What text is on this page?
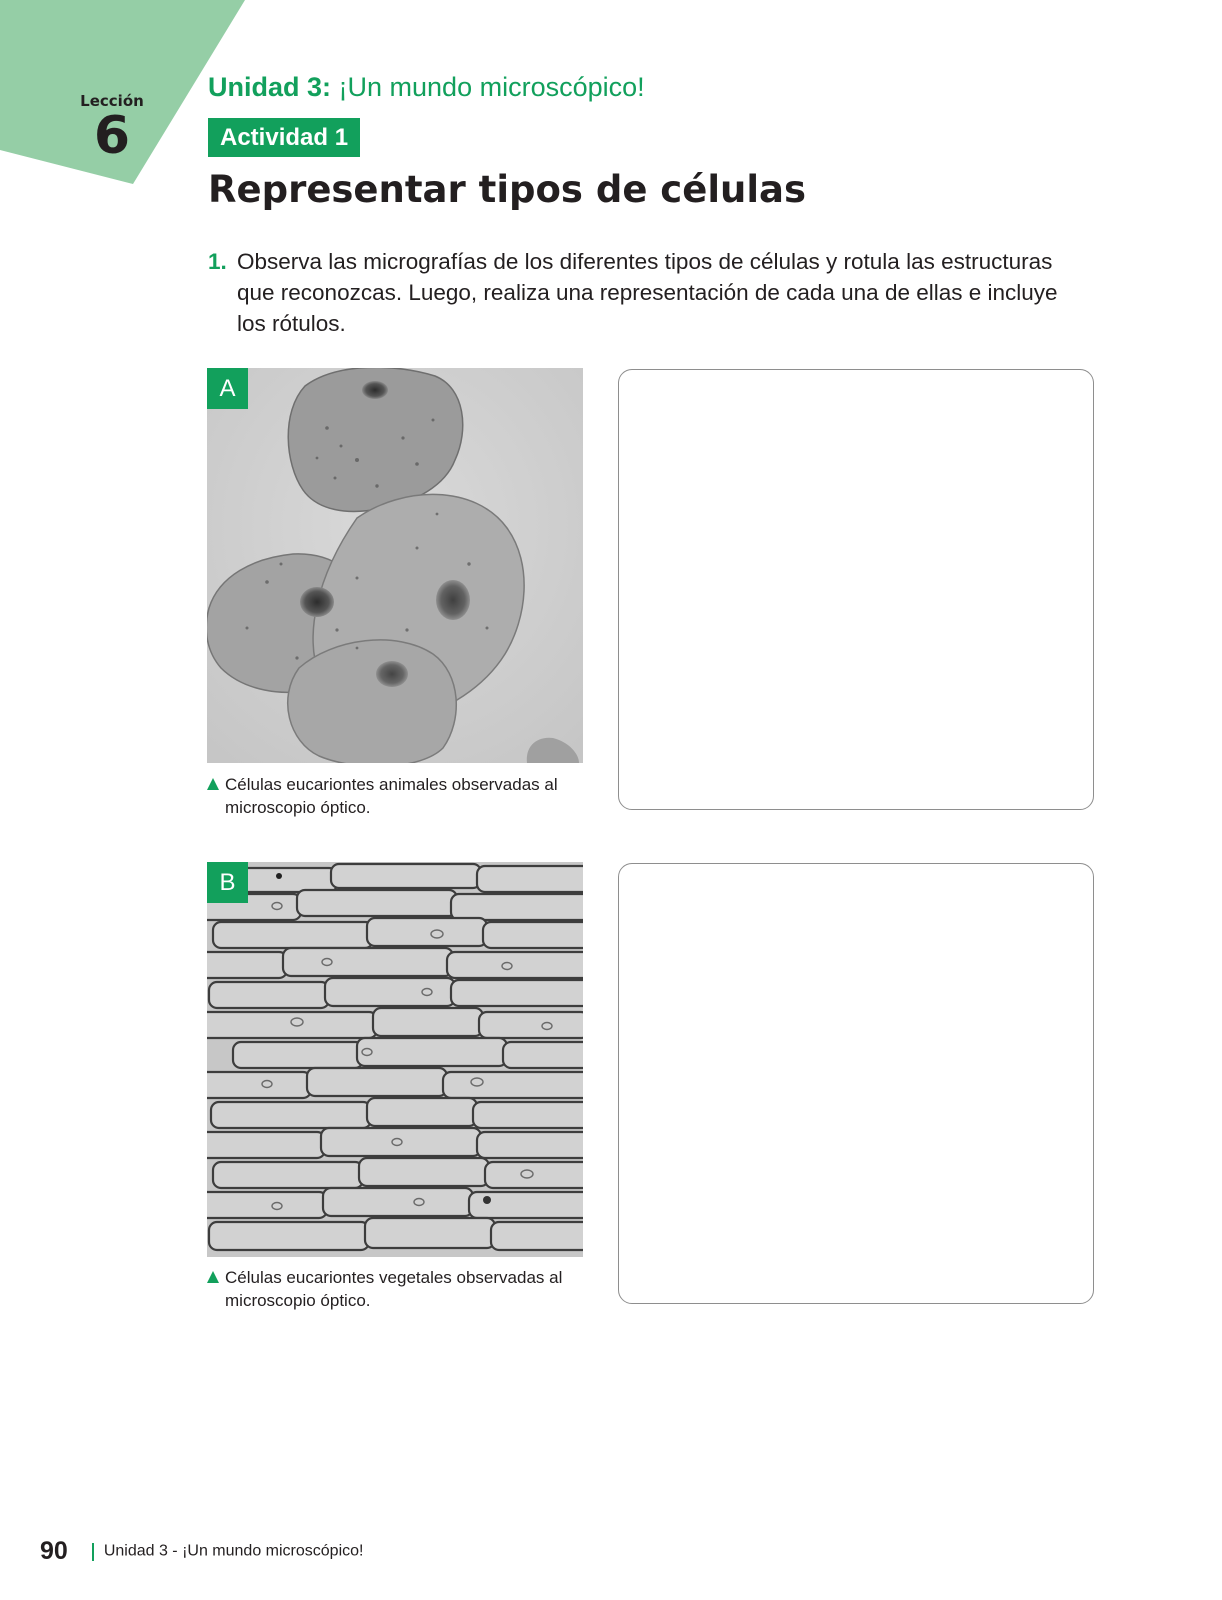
Lección
6
Unidad 3: ¡Un mundo microscópico!
Actividad 1
Representar tipos de células
1. Observa las micrografías de los diferentes tipos de células y rotula las estructuras que reconozcas. Luego, realiza una representación de cada una de ellas e incluye los rótulos.
A
Células eucariontes animales observadas al microscopio óptico.
B
Células eucariontes vegetales observadas al microscopio óptico.
90 Unidad 3 - ¡Un mundo microscópico!
